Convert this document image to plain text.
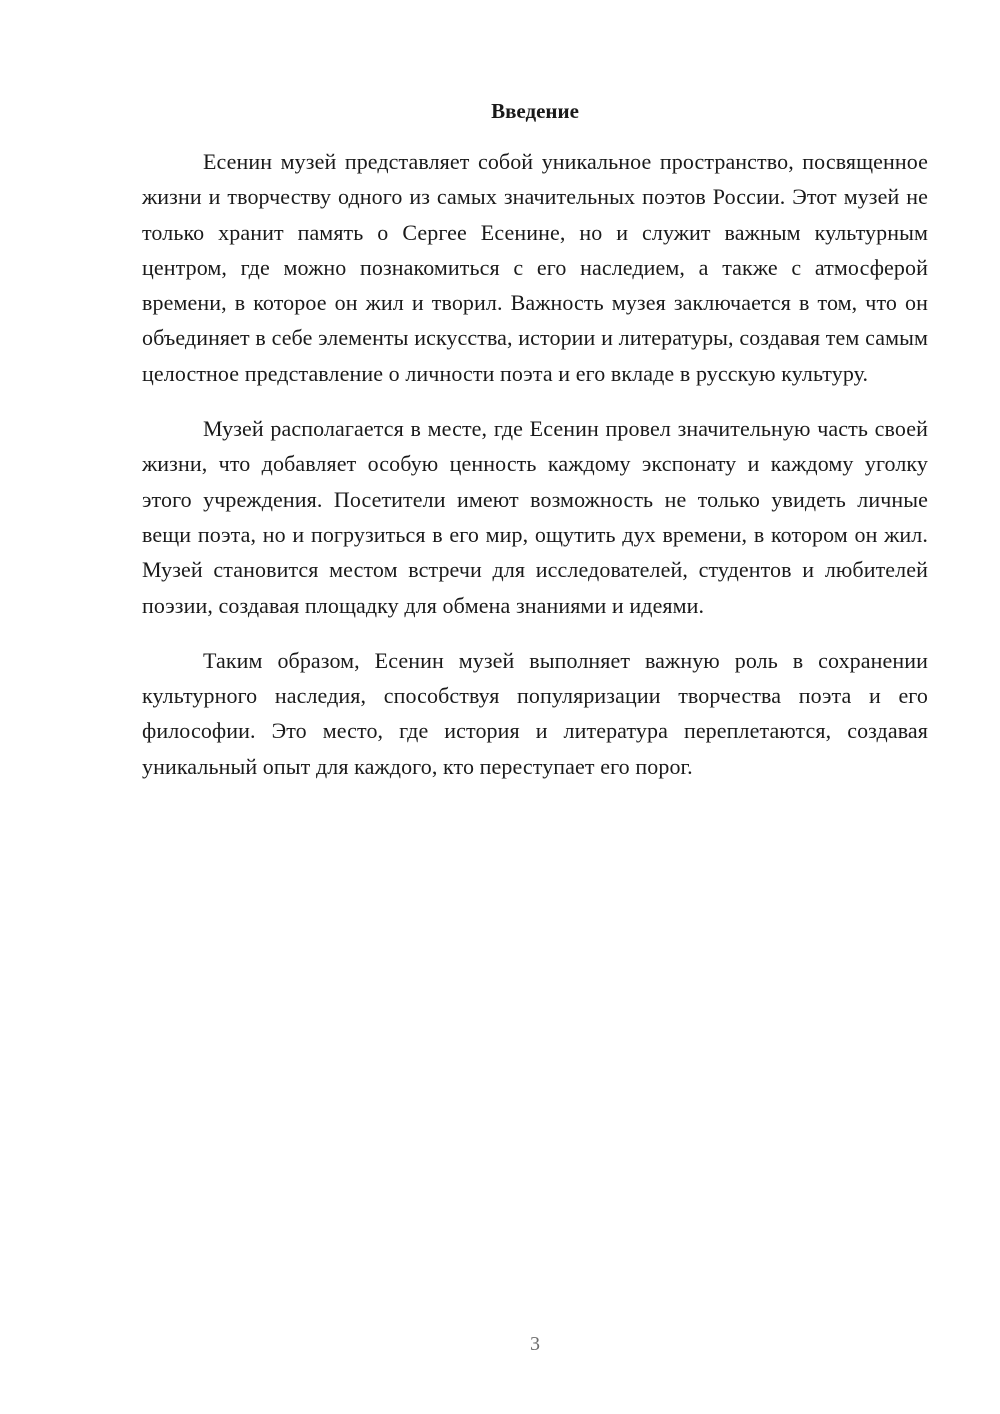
Введение

Есенин музей представляет собой уникальное пространство, посвященное жизни и творчеству одного из самых значительных поэтов России. Этот музей не только хранит память о Сергее Есенине, но и служит важным культурным центром, где можно познакомиться с его наследием, а также с атмосферой времени, в которое он жил и творил. Важность музея заключается в том, что он объединяет в себе элементы искусства, истории и литературы, создавая тем самым целостное представление о личности поэта и его вкладе в русскую культуру.

Музей располагается в месте, где Есенин провел значительную часть своей жизни, что добавляет особую ценность каждому экспонату и каждому уголку этого учреждения. Посетители имеют возможность не только увидеть личные вещи поэта, но и погрузиться в его мир, ощутить дух времени, в котором он жил. Музей становится местом встречи для исследователей, студентов и любителей поэзии, создавая площадку для обмена знаниями и идеями.

Таким образом, Есенин музей выполняет важную роль в сохранении культурного наследия, способствуя популяризации творчества поэта и его философии. Это место, где история и литература переплетаются, создавая уникальный опыт для каждого, кто переступает его порог.

3
